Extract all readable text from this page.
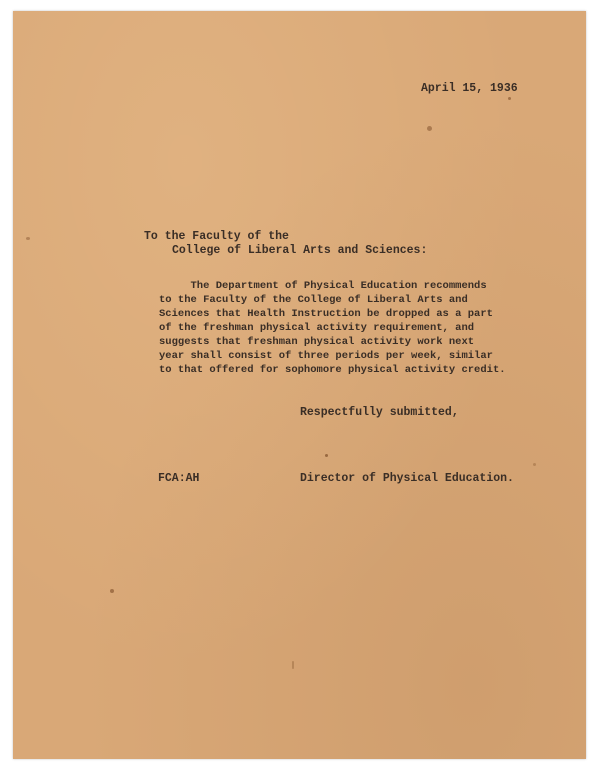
April 15, 1936
To the Faculty of the
College of Liberal Arts and Sciences:
The Department of Physical Education recommends
to the Faculty of the College of Liberal Arts and
Sciences that Health Instruction be dropped as a part
of the freshman physical activity requirement, and
suggests that freshman physical activity work next
year shall consist of three periods per week, similar
to that offered for sophomore physical activity credit.
Respectfully submitted,
FCA:AH	Director of Physical Education.
